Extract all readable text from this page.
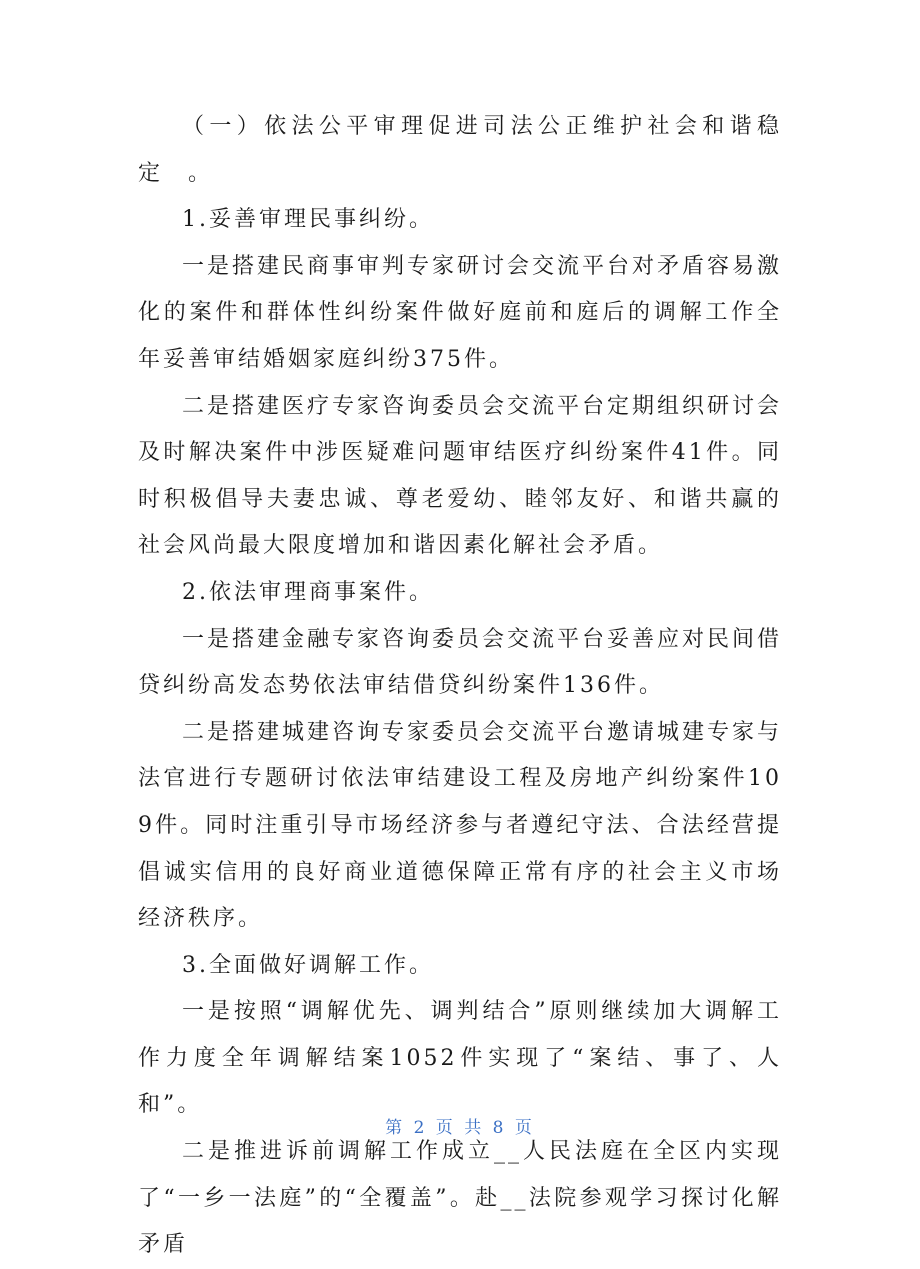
（一）依法公平审理促进司法公正维护社会和谐稳定　。

1.妥善审理民事纠纷。

一是搭建民商事审判专家研讨会交流平台对矛盾容易激化的案件和群体性纠纷案件做好庭前和庭后的调解工作全年妥善审结婚姻家庭纠纷375件。

二是搭建医疗专家咨询委员会交流平台定期组织研讨会及时解决案件中涉医疑难问题审结医疗纠纷案件41件。同时积极倡导夫妻忠诚、尊老爱幼、睦邻友好、和谐共赢的社会风尚最大限度增加和谐因素化解社会矛盾。

2.依法审理商事案件。

一是搭建金融专家咨询委员会交流平台妥善应对民间借贷纠纷高发态势依法审结借贷纠纷案件136件。

二是搭建城建咨询专家委员会交流平台邀请城建专家与法官进行专题研讨依法审结建设工程及房地产纠纷案件109件。同时注重引导市场经济参与者遵纪守法、合法经营提倡诚实信用的良好商业道德保障正常有序的社会主义市场经济秩序。

3.全面做好调解工作。

一是按照“调解优先、调判结合”原则继续加大调解工作力度全年调解结案1052件实现了“案结、事了、人和”。

二是推进诉前调解工作成立__人民法庭在全区内实现了“一乡一法庭”的“全覆盖”。赴__法院参观学习探讨化解矛盾

第 2 页 共 8 页
